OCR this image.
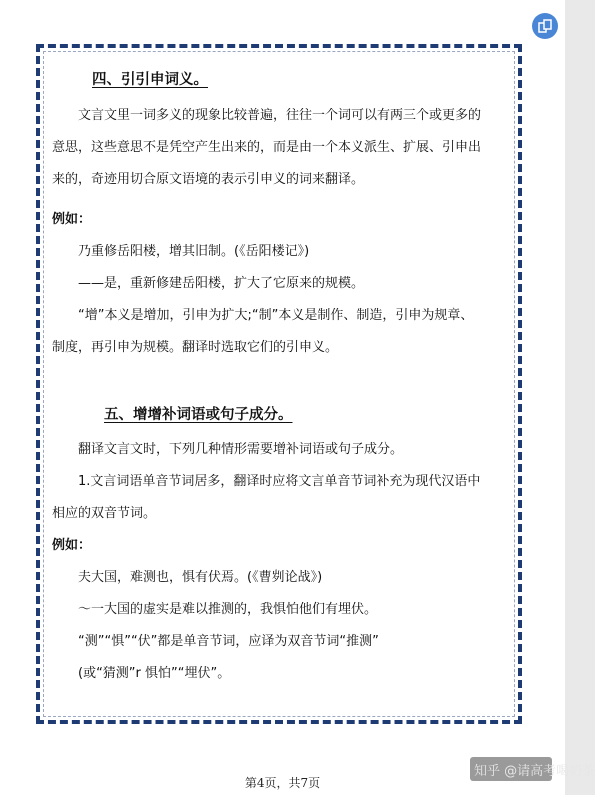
四、引引申词义。

文言文里一词多义的现象比较普遍，往往一个词可以有两三个或更多的意思，这些意思不是凭空产生出来的，而是由一个本义派生、扩展、引申出来的，奇迹用切合原文语境的表示引申义的词来翻译。

例如：

乃重修岳阳楼，增其旧制。(《岳阳楼记》)

——是，重新修建岳阳楼，扩大了它原来的规模。

“增”本义是增加，引申为扩大;“制”本义是制作、制造，引申为规章、制度，再引申为规模。翻译时选取它们的引申义。

五、增增补词语或句子成分。

翻译文言文时，下列几种情形需要增补词语或句子成分。

1.文言词语单音节词居多，翻译时应将文言单音节词补充为现代汉语中相应的双音节词。

例如：

夫大国，难测也，惧有伏焉。(《曹刿论战》)

～一大国的虚实是难以推测的，我惧怕他们有埋伏。

“测”“惧”“伏”都是单音节词，应译为双音节词“推测”

(或“猜测”r 惧怕”“埋伏”。

第4页，共7页
知乎 @请高考喝奶茶
